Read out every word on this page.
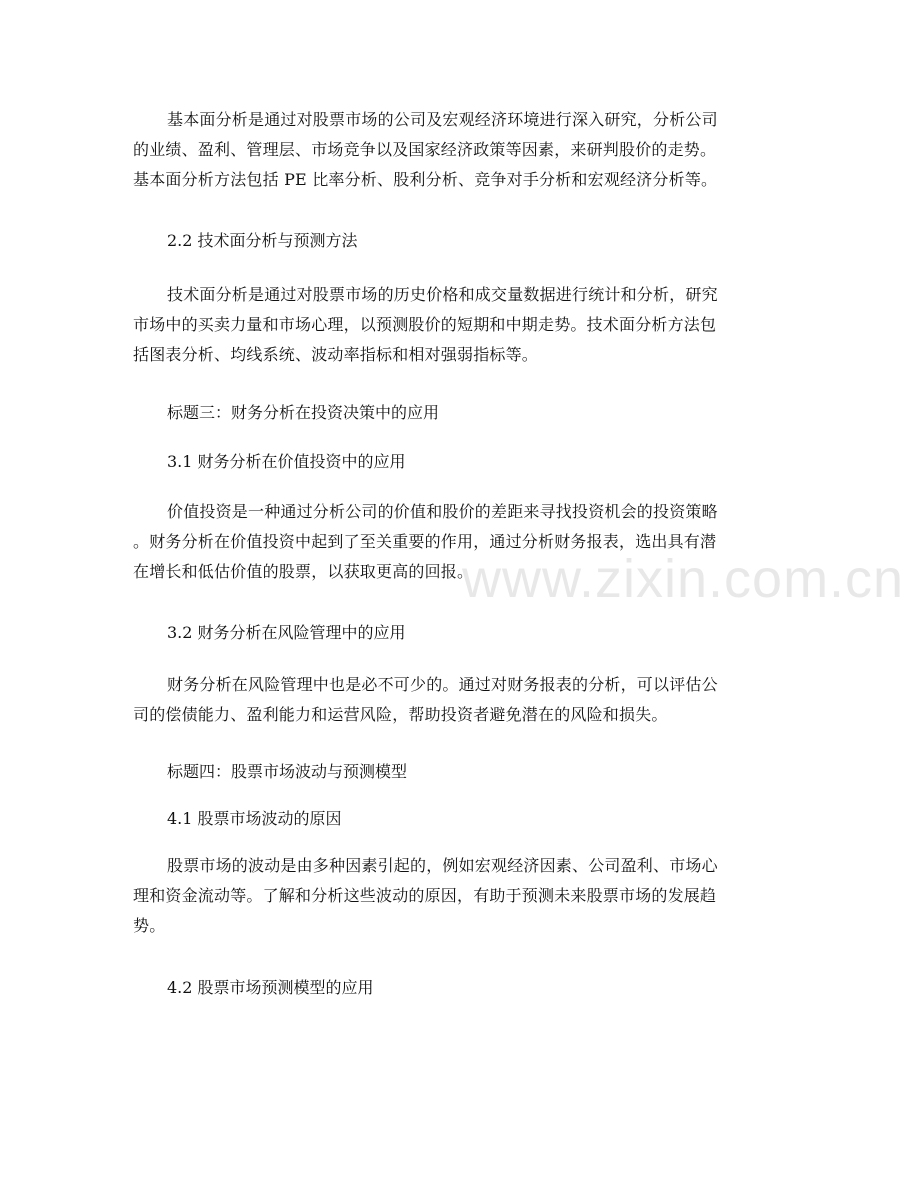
基本面分析是通过对股票市场的公司及宏观经济环境进行深入研究，分析公司
的业绩、盈利、管理层、市场竞争以及国家经济政策等因素，来研判股价的走势。
基本面分析方法包括 PE 比率分析、股利分析、竞争对手分析和宏观经济分析等。
2.2 技术面分析与预测方法
技术面分析是通过对股票市场的历史价格和成交量数据进行统计和分析，研究
市场中的买卖力量和市场心理，以预测股价的短期和中期走势。技术面分析方法包
括图表分析、均线系统、波动率指标和相对强弱指标等。
标题三：财务分析在投资决策中的应用
3.1 财务分析在价值投资中的应用
价值投资是一种通过分析公司的价值和股价的差距来寻找投资机会的投资策略
。财务分析在价值投资中起到了至关重要的作用，通过分析财务报表，选出具有潜
在增长和低估价值的股票，以获取更高的回报。
3.2 财务分析在风险管理中的应用
财务分析在风险管理中也是必不可少的。通过对财务报表的分析，可以评估公
司的偿债能力、盈利能力和运营风险，帮助投资者避免潜在的风险和损失。
标题四：股票市场波动与预测模型
4.1 股票市场波动的原因
股票市场的波动是由多种因素引起的，例如宏观经济因素、公司盈利、市场心
理和资金流动等。了解和分析这些波动的原因，有助于预测未来股票市场的发展趋
势。
4.2 股票市场预测模型的应用
www.zixin.com.cn
